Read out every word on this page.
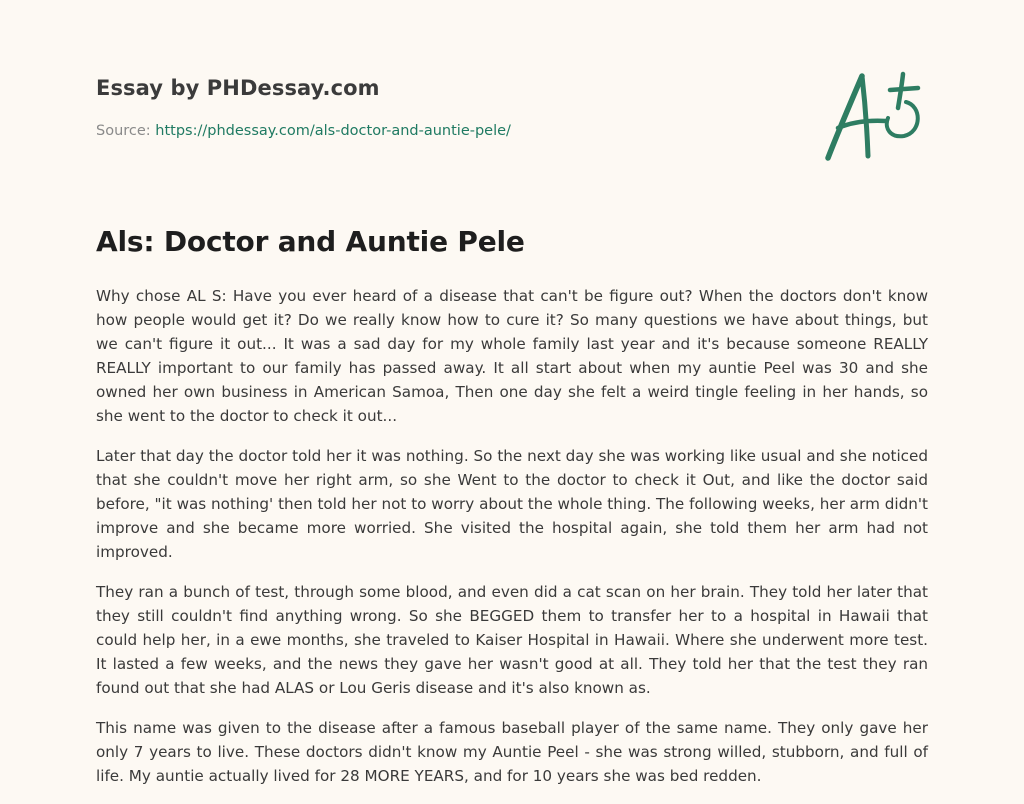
Essay by PHDessay.com

Source: https://phdessay.com/als-doctor-and-auntie-pele/

Als: Doctor and Auntie Pele

Why chose AL S: Have you ever heard of a disease that can't be figure out? When the doctors don't know how people would get it? Do we really know how to cure it? So many questions we have about things, but we can't figure it out... It was a sad day for my whole family last year and it's because someone REALLY REALLY important to our family has passed away. It all start about when my auntie Peel was 30 and she owned her own business in American Samoa, Then one day she felt a weird tingle feeling in her hands, so she went to the doctor to check it out...

Later that day the doctor told her it was nothing. So the next day she was working like usual and she noticed that she couldn't move her right arm, so she Went to the doctor to check it Out, and like the doctor said before, "it was nothing' then told her not to worry about the whole thing. The following weeks, her arm didn't improve and she became more worried. She visited the hospital again, she told them her arm had not improved.

They ran a bunch of test, through some blood, and even did a cat scan on her brain. They told her later that they still couldn't find anything wrong. So she BEGGED them to transfer her to a hospital in Hawaii that could help her, in a ewe months, she traveled to Kaiser Hospital in Hawaii. Where she underwent more test. It lasted a few weeks, and the news they gave her wasn't good at all. They told her that the test they ran found out that she had ALAS or Lou Geris disease and it's also known as.

This name was given to the disease after a famous baseball player of the same name. They only gave her only 7 years to live. These doctors didn't know my Auntie Peel - she was strong willed, stubborn, and full of life. My auntie actually lived for 28 MORE YEARS, and for 10 years she was bed redden.
